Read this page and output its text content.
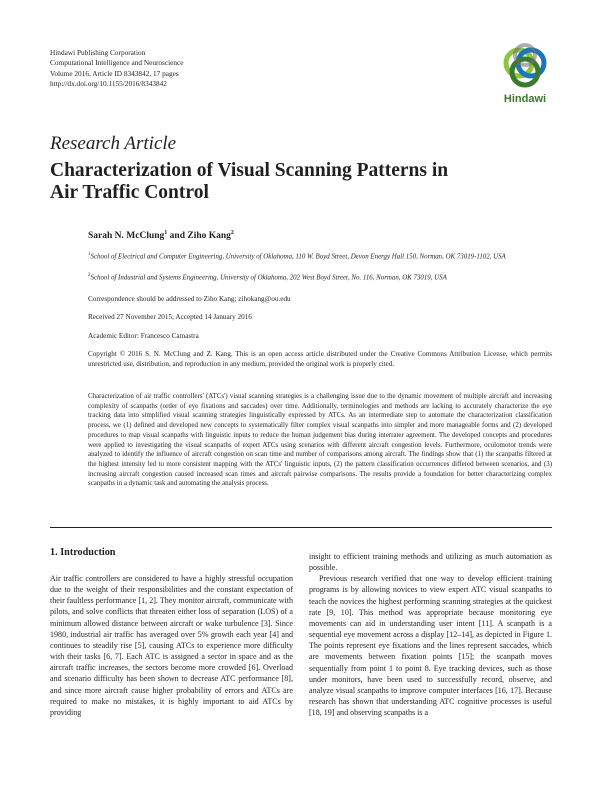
Hindawi Publishing Corporation
Computational Intelligence and Neuroscience
Volume 2016, Article ID 8343842, 17 pages
http://dx.doi.org/10.1155/2016/8343842
Hindawi
Research Article
Characterization of Visual Scanning Patterns in Air Traffic Control
Sarah N. McClung$^1$ and Ziho Kang$^2$
$^1$School of Electrical and Computer Engineering, University of Oklahoma, 110 W. Boyd Street, Devon Energy Hall 150, Norman, OK 73019-1102, USA
$^2$School of Industrial and Systems Engineering, University of Oklahoma, 202 West Boyd Street, No. 116, Norman, OK 73019, USA
Correspondence should be addressed to Ziho Kang; zihokang@ou.edu
Received 27 November 2015; Accepted 14 January 2016
Academic Editor: Francesco Camastra
Copyright © 2016 S. N. McClung and Z. Kang. This is an open access article distributed under the Creative Commons Attribution License, which permits unrestricted use, distribution, and reproduction in any medium, provided the original work is properly cited.
Characterization of air traffic controllers' (ATCs') visual scanning strategies is a challenging issue due to the dynamic movement of multiple aircraft and increasing complexity of scanpaths (order of eye fixations and saccades) over time. Additionally, terminologies and methods are lacking to accurately characterize the eye tracking data into simplified visual scanning strategies linguistically expressed by ATCs. As an intermediate step to automate the characterization classification process, we (1) defined and developed new concepts to systematically filter complex visual scanpaths into simpler and more manageable forms and (2) developed procedures to map visual scanpaths with linguistic inputs to reduce the human judgement bias during interrater agreement. The developed concepts and procedures were applied to investigating the visual scanpaths of expert ATCs using scenarios with different aircraft congestion levels. Furthermore, oculomotor trends were analyzed to identify the influence of aircraft congestion on scan time and number of comparisons among aircraft. The findings show that (1) the scanpaths filtered at the highest intensity led to more consistent mapping with the ATCs' linguistic inputs, (2) the pattern classification occurrences differed between scenarios, and (3) increasing aircraft congestion caused increased scan times and aircraft pairwise comparisons. The results provide a foundation for better characterizing complex scanpaths in a dynamic task and automating the analysis process.
1. Introduction

Air traffic controllers are considered to have a highly stressful occupation due to the weight of their responsibilities and the constant expectation of their faultless performance [1, 2]. They monitor aircraft, communicate with pilots, and solve conflicts that threaten either loss of separation (LOS) of a minimum allowed distance between aircraft or wake turbulence [3]. Since 1980, industrial air traffic has averaged over 5% growth each year [4] and continues to steadily rise [5], causing ATCs to experience more difficulty with their tasks [6, 7]. Each ATC is assigned a sector in space and as the aircraft traffic increases, the sectors become more crowded [6]. Overload and scenario difficulty has been shown to decrease ATC performance [8], and since more aircraft cause higher probability of errors and ATCs are required to make no mistakes, it is highly important to aid ATCs by providing

insight to efficient training methods and utilizing as much automation as possible.

Previous research verified that one way to develop efficient training programs is by allowing novices to view expert ATC visual scanpaths to teach the novices the highest performing scanning strategies at the quickest rate [9, 10]. This method was appropriate because monitoring eye movements can aid in understanding user intent [11]. A scanpath is a sequential eye movement across a display [12–14], as depicted in Figure 1. The points represent eye fixations and the lines represent saccades, which are movements between fixation points [15]; the scanpath moves sequentially from point 1 to point 8. Eye tracking devices, such as those under monitors, have been used to successfully record, observe, and analyze visual scanpaths to improve computer interfaces [16, 17]. Because research has shown that understanding ATC cognitive processes is useful [18, 19] and observing scanpaths is a
